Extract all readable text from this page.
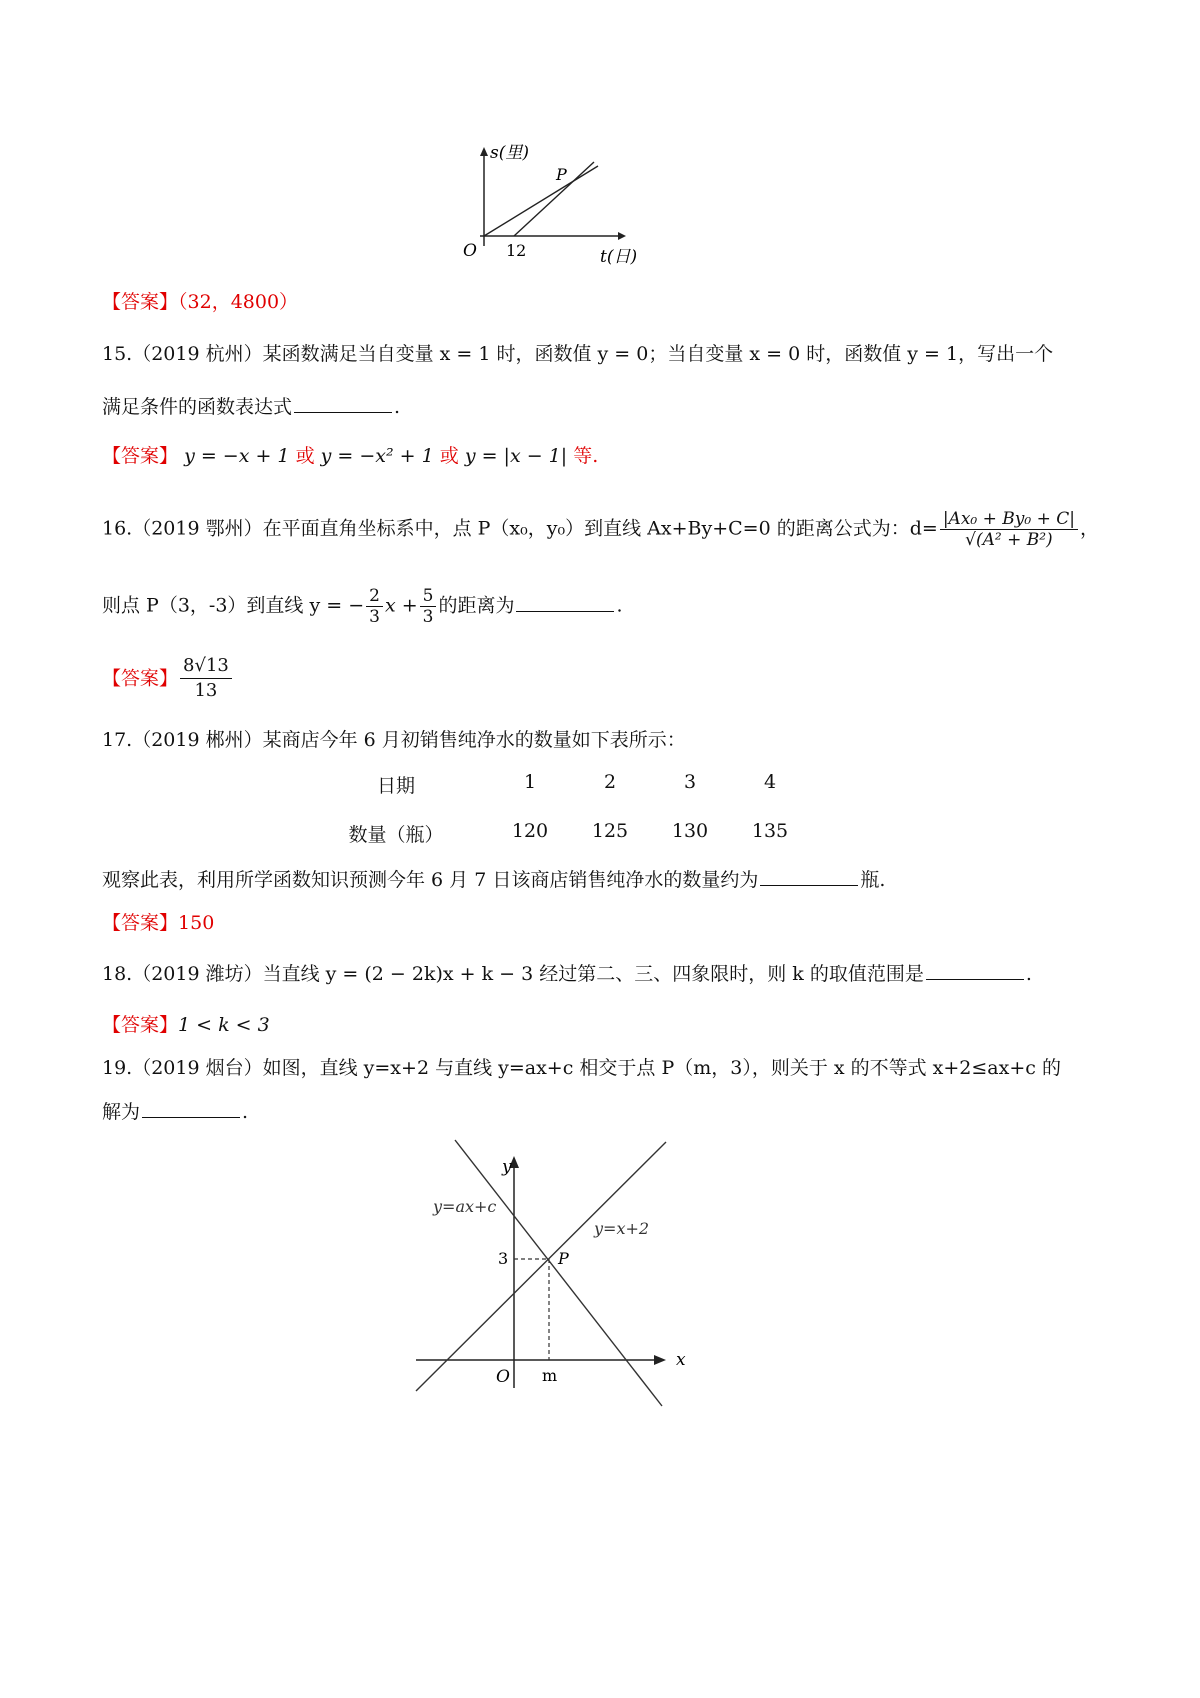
s(里)
P
O 12	t(日)
【答案】（32，4800）
15.（2019 杭州）某函数满足当自变量 x = 1 时，函数值 y = 0；当自变量 x = 0 时，函数值 y = 1，写出一个
满足条件的函数表达式	.
【答案】 y = −x + 1 或 y = −x² + 1 或 y = |x − 1| 等.
16.（2019 鄂州）在平面直角坐标系中，点 P（x₀，y₀）到直线 Ax+By+C=0 的距离公式为：$d= \frac{\text{|Ax₀ + By₀ + C|}}{\text{√(A² + B²)}}$ ，
则点 P（3，-3）到直线 y = − $\frac{2}{3}$ $x + \frac{5}{3}$ 的距离为	.
【答案】 $\frac{8√13}{13}$
17.（2019 郴州）某商店今年 6 月初销售纯净水的数量如下表所示：
日期	1	2	3	4
数量（瓶）	120	125	130	135
观察此表，利用所学函数知识预测今年 6 月 7 日该商店销售纯净水的数量约为	瓶.
【答案】150
18.（2019 潍坊）当直线 y = (2 − 2k)x + k − 3 经过第二、三、四象限时，则 k 的取值范围是	.
【答案】1 < k < 3
19.（2019 烟台）如图，直线 y=x+2 与直线 y=ax+c 相交于点 P（m，3），则关于 x 的不等式 x+2≤ax+c 的
解为	.
y
y=ax+c
y=x+2
3	P
x
O m
